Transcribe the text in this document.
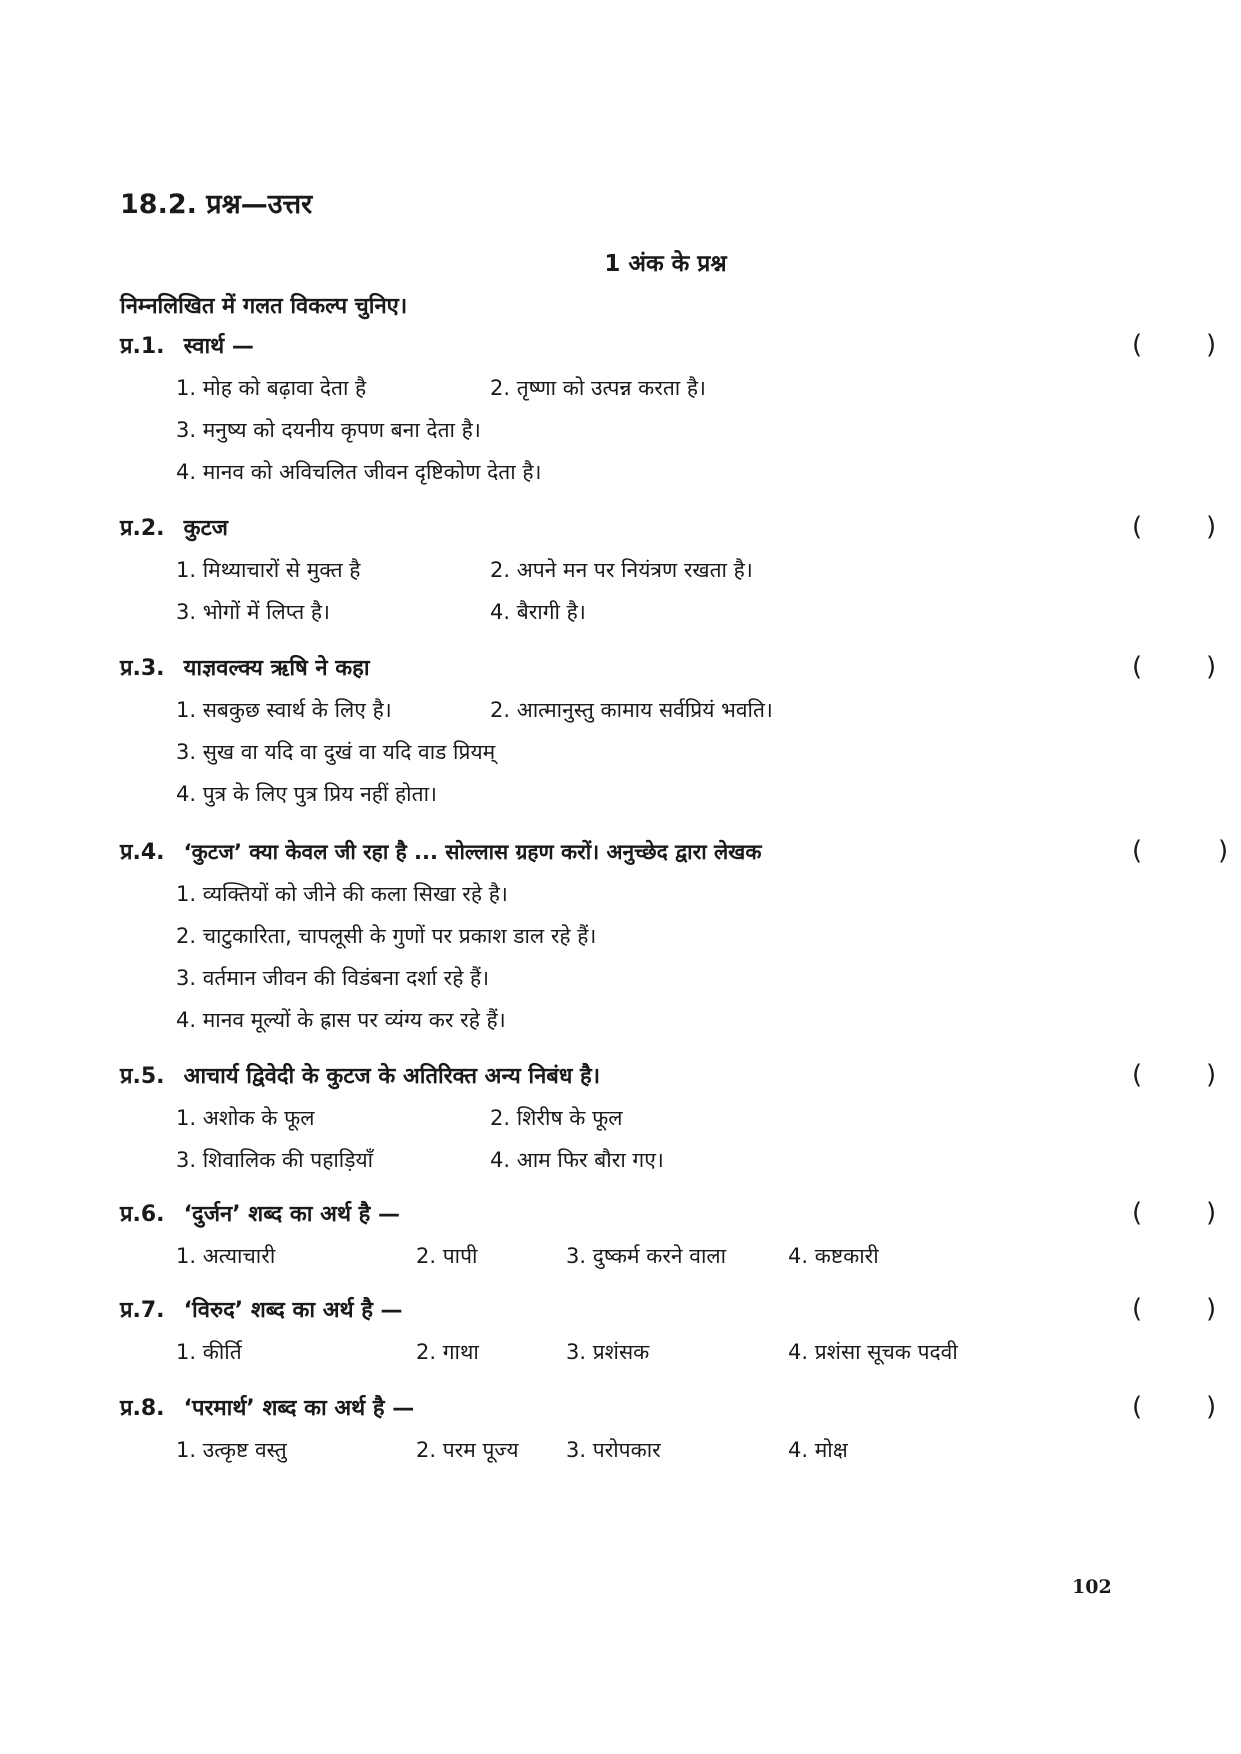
18.2. प्रश्न—उत्तर
1 अंक के प्रश्न

निम्नलिखित में गलत विकल्प चुनिए।

प्र.1. स्वार्थ —	( )
1. मोह को बढ़ावा देता है	2. तृष्णा को उत्पन्न करता है।
3. मनुष्य को दयनीय कृपण बना देता है।
4. मानव को अविचलित जीवन दृष्टिकोण देता है।
प्र.2. कुटज	( )
1. मिथ्याचारों से मुक्त है	2. अपने मन पर नियंत्रण रखता है।
3. भोगों में लिप्त है।	4. बैरागी है।
प्र.3. याज्ञवल्क्य ऋषि ने कहा	( )
1. सबकुछ स्वार्थ के लिए है।	2. आत्मानुस्तु कामाय सर्वप्रियं भवति।
3. सुख वा यदि वा दुखं वा यदि वाड प्रियम्
4. पुत्र के लिए पुत्र प्रिय नहीं होता।
प्र.4. ‘कुटज’ क्या केवल जी रहा है ... सोल्लास ग्रहण करों। अनुच्छेद द्वारा लेखक	(	)
1. व्यक्तियों को जीने की कला सिखा रहे है।
2. चाटुकारिता, चापलूसी के गुणों पर प्रकाश डाल रहे हैं।
3. वर्तमान जीवन की विडंबना दर्शा रहे हैं।
4. मानव मूल्यों के ह्रास पर व्यंग्य कर रहे हैं।
प्र.5. आचार्य द्विवेदी के कुटज के अतिरिक्त अन्य निबंध है।	( )
1. अशोक के फूल	2. शिरीष के फूल
3. शिवालिक की पहाड़ियाँ	4. आम फिर बौरा गए।
प्र.6. ‘दुर्जन’ शब्द का अर्थ है —	( )
1. अत्याचारी	2. पापी	3. दुष्कर्म करने वाला	4. कष्टकारी
प्र.7. ‘विरुद’ शब्द का अर्थ है —	( )
1. कीर्ति	2. गाथा	3. प्रशंसक	4. प्रशंसा सूचक पदवी
प्र.8. ‘परमार्थ’ शब्द का अर्थ है —	( )
1. उत्कृष्ट वस्तु	2. परम पूज्य 3. परोपकार	4. मोक्ष
102
